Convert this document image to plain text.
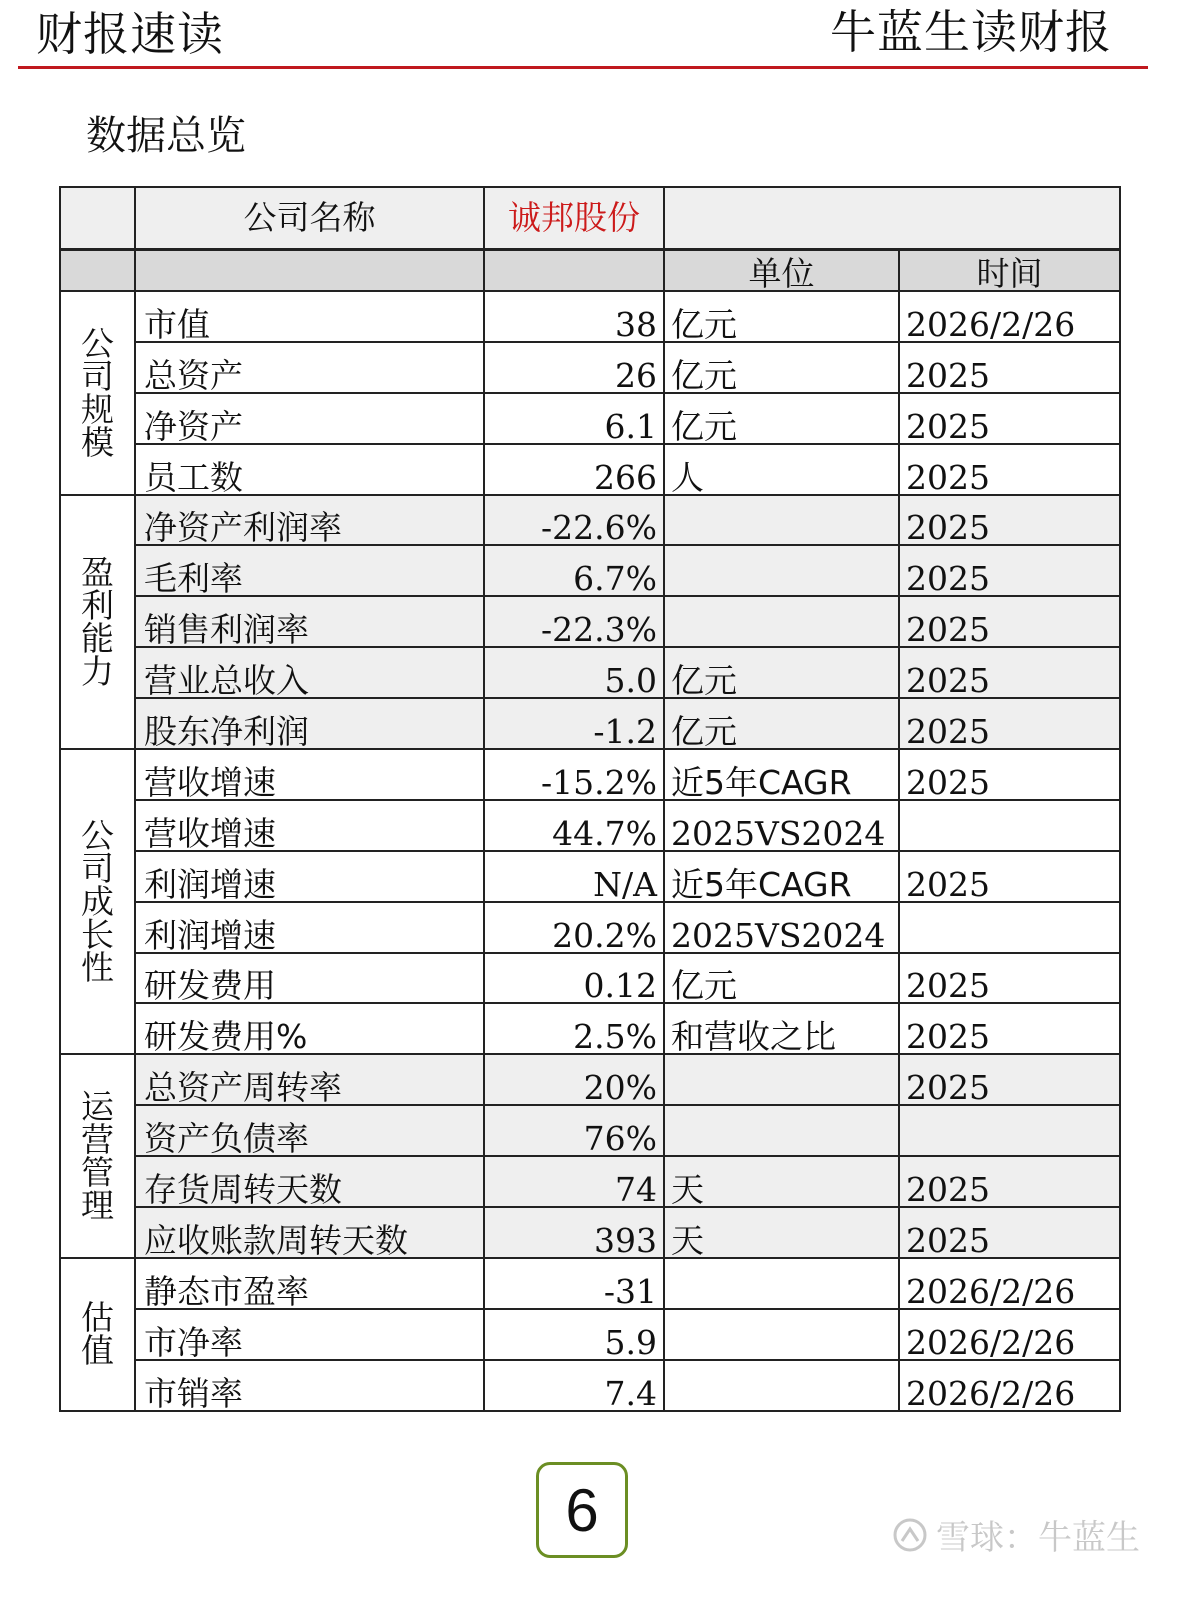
财报速读	牛蓝生读财报
数据总览
	公司名称	诚邦股份		
			单位	时间
公司规模	市值	38	亿元	2026/2/26
	总资产	26	亿元	2025
	净资产	6.1	亿元	2025
	员工数	266	人	2025
盈利能力	净资产利润率	-22.6%		2025
	毛利率	6.7%		2025
	销售利润率	-22.3%		2025
	营业总收入	5.0	亿元	2025
	股东净利润	-1.2	亿元	2025
公司成长性	营收增速	-15.2%	近5年CAGR	2025
	营收增速	44.7%	2025VS2024	
	利润增速	N/A	近5年CAGR	2025
	利润增速	20.2%	2025VS2024	
	研发费用	0.12	亿元	2025
	研发费用%	2.5%	和营收之比	2025
运营管理	总资产周转率	20%		2025
	资产负债率	76%		
	存货周转天数	74	天	2025
	应收账款周转天数	393	天	2025
估值	静态市盈率	-31		2026/2/26
	市净率	5.9		2026/2/26
	市销率	7.4		2026/2/26
6	雪球：牛蓝生
